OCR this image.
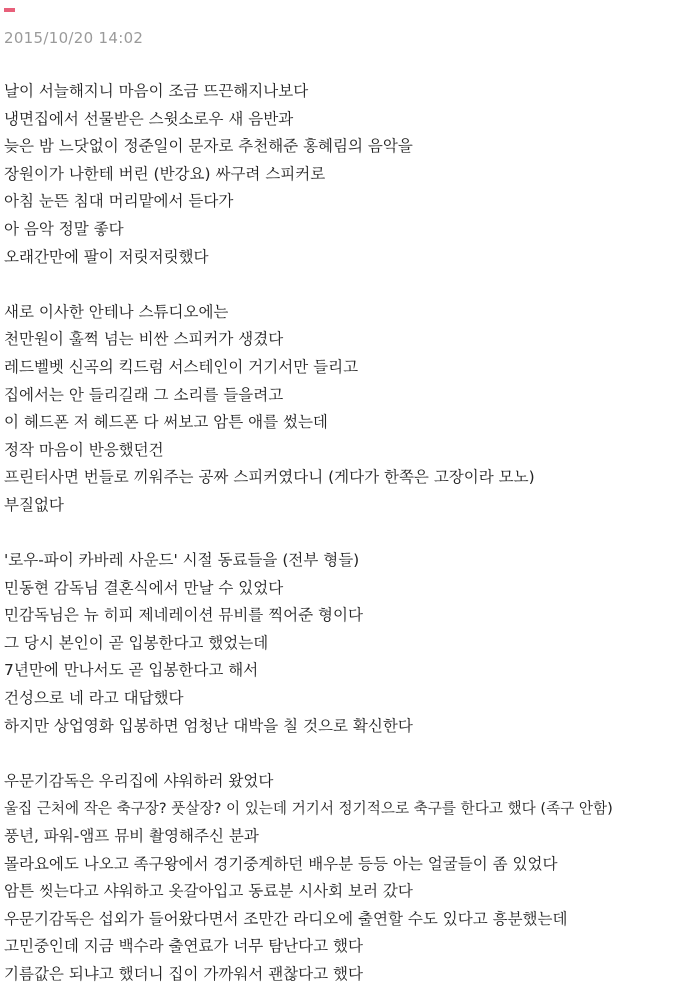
2015/10/20 14:02
날이 서늘해지니 마음이 조금 뜨끈해지나보다
냉면집에서 선물받은 스윗소로우 새 음반과
늦은 밤 느닷없이 정준일이 문자로 추천해준 홍혜림의 음악을
장원이가 나한테 버린 (반강요) 싸구려 스피커로
아침 눈뜬 침대 머리맡에서 듣다가
아 음악 정말 좋다
오래간만에 팔이 저릿저릿했다
새로 이사한 안테나 스튜디오에는
천만원이 훌쩍 넘는 비싼 스피커가 생겼다
레드벨벳 신곡의 킥드럼 서스테인이 거기서만 들리고
집에서는 안 들리길래 그 소리를 들을려고
이 헤드폰 저 헤드폰 다 써보고 암튼 애를 썼는데
정작 마음이 반응했던건
프린터사면 번들로 끼워주는 공짜 스피커였다니 (게다가 한쪽은 고장이라 모노)
부질없다
'로우-파이 카바레 사운드' 시절 동료들을 (전부 형들)
민동현 감독님 결혼식에서 만날 수 있었다
민감독님은 뉴 히피 제네레이션 뮤비를 찍어준 형이다
그 당시 본인이 곧 입봉한다고 했었는데
7년만에 만나서도 곧 입봉한다고 해서
건성으로 네 라고 대답했다
하지만 상업영화 입봉하면 엄청난 대박을 칠 것으로 확신한다
우문기감독은 우리집에 샤워하러 왔었다
울집 근처에 작은 축구장? 풋살장? 이 있는데 거기서 정기적으로 축구를 한다고 했다 (족구 안함)
풍년, 파워-앰프 뮤비 촬영해주신 분과
몰라요에도 나오고 족구왕에서 경기중계하던 배우분 등등 아는 얼굴들이 좀 있었다
암튼 씻는다고 샤워하고 옷갈아입고 동료분 시사회 보러 갔다
우문기감독은 섭외가 들어왔다면서 조만간 라디오에 출연할 수도 있다고 흥분했는데
고민중인데 지금 백수라 출연료가 너무 탐난다고 했다
기름값은 되냐고 했더니 집이 가까워서 괜찮다고 했다
